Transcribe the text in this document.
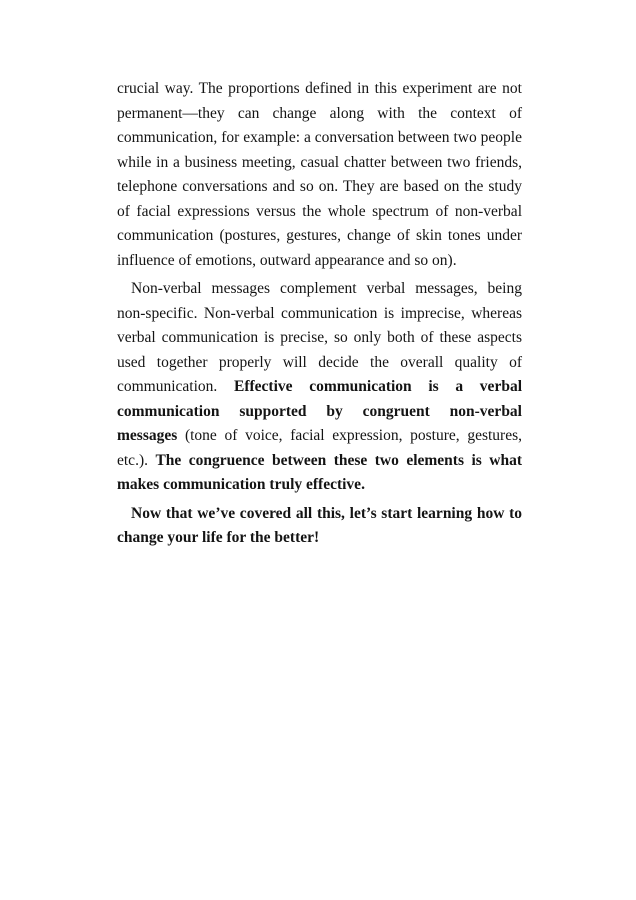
crucial way. The proportions defined in this experiment are not permanent—they can change along with the context of communication, for example: a conversation between two people while in a business meeting, casual chatter between two friends, telephone conversations and so on. They are based on the study of facial expressions versus the whole spectrum of non-verbal communication (postures, gestures, change of skin tones under influence of emotions, outward appearance and so on).

Non-verbal messages complement verbal messages, being non-specific. Non-verbal communication is imprecise, whereas verbal communication is precise, so only both of these aspects used together properly will decide the overall quality of communication. Effective communication is a verbal communication supported by congruent non-verbal messages (tone of voice, facial expression, posture, gestures, etc.). The congruence between these two elements is what makes communication truly effective.

Now that we’ve covered all this, let’s start learning how to change your life for the better!
